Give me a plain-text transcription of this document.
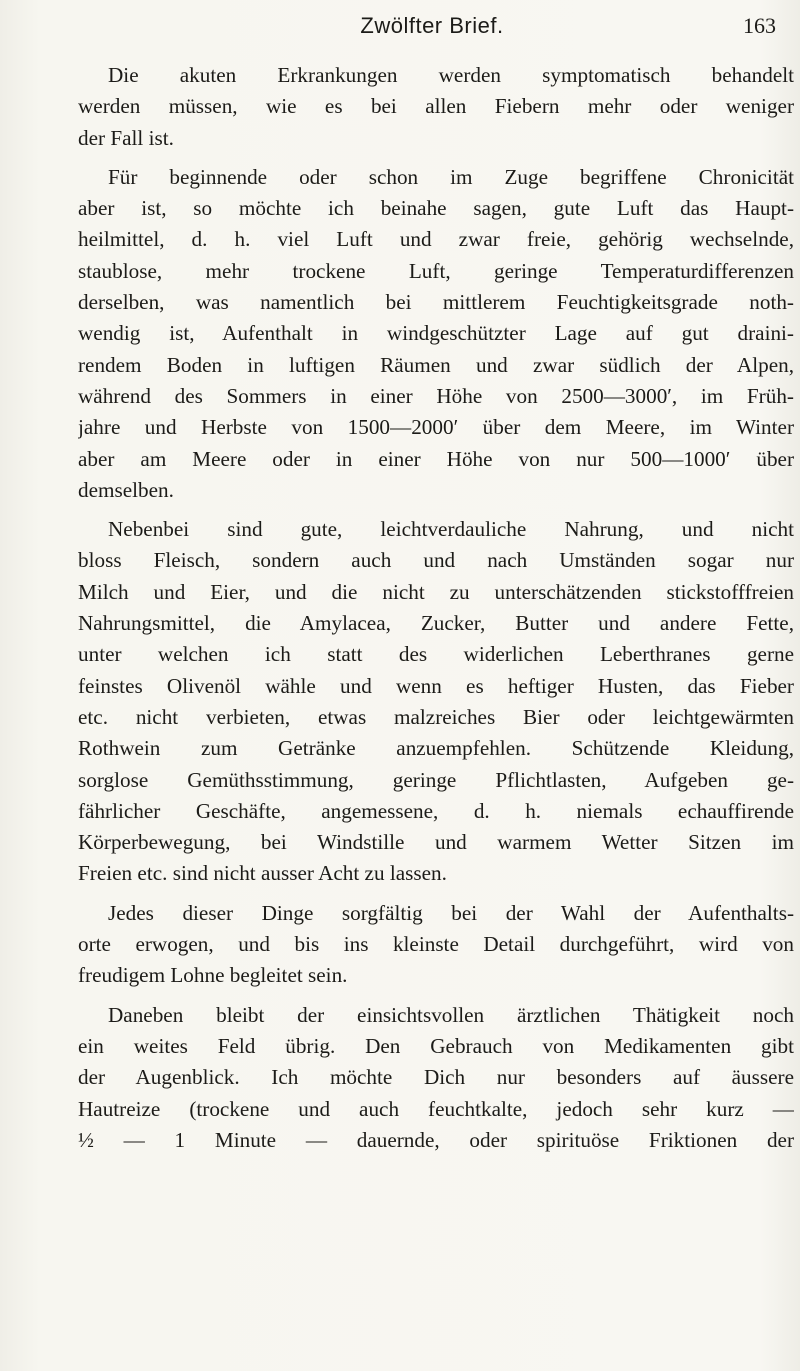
Zwölfter Brief.	163
Die akuten Erkrankungen werden symptomatisch behandelt
werden müssen, wie es bei allen Fiebern mehr oder weniger
der Fall ist.
Für beginnende oder schon im Zuge begriffene Chronicität
aber ist, so möchte ich beinahe sagen, gute Luft das Haupt-
heilmittel, d. h. viel Luft und zwar freie, gehörig wechselnde,
staublose, mehr trockene Luft, geringe Temperaturdifferenzen
derselben, was namentlich bei mittlerem Feuchtigkeitsgrade noth-
wendig ist, Aufenthalt in windgeschützter Lage auf gut draini-
rendem Boden in luftigen Räumen und zwar südlich der Alpen,
während des Sommers in einer Höhe von 2500—3000′, im Früh-
jahre und Herbste von 1500—2000′ über dem Meere, im Winter
aber am Meere oder in einer Höhe von nur 500—1000′ über
demselben.
Nebenbei sind gute, leichtverdauliche Nahrung, und nicht
bloss Fleisch, sondern auch und nach Umständen sogar nur
Milch und Eier, und die nicht zu unterschätzenden stickstofffreien
Nahrungsmittel, die Amylacea, Zucker, Butter und andere Fette,
unter welchen ich statt des widerlichen Leberthranes gerne
feinstes Olivenöl wähle und wenn es heftiger Husten, das Fieber
etc. nicht verbieten, etwas malzreiches Bier oder leichtgewärmten
Rothwein zum Getränke anzuempfehlen. Schützende Kleidung,
sorglose Gemüthsstimmung, geringe Pflichtlasten, Aufgeben ge-
fährlicher Geschäfte, angemessene, d. h. niemals echauffirende
Körperbewegung, bei Windstille und warmem Wetter Sitzen im
Freien etc. sind nicht ausser Acht zu lassen.
Jedes dieser Dinge sorgfältig bei der Wahl der Aufenthalts-
orte erwogen, und bis ins kleinste Detail durchgeführt, wird von
freudigem Lohne begleitet sein.
Daneben bleibt der einsichtsvollen ärztlichen Thätigkeit noch
ein weites Feld übrig. Den Gebrauch von Medikamenten gibt
der Augenblick. Ich möchte Dich nur besonders auf äussere
Hautreize (trockene und auch feuchtkalte, jedoch sehr kurz —
½ — 1 Minute — dauernde, oder spirituöse Friktionen der
